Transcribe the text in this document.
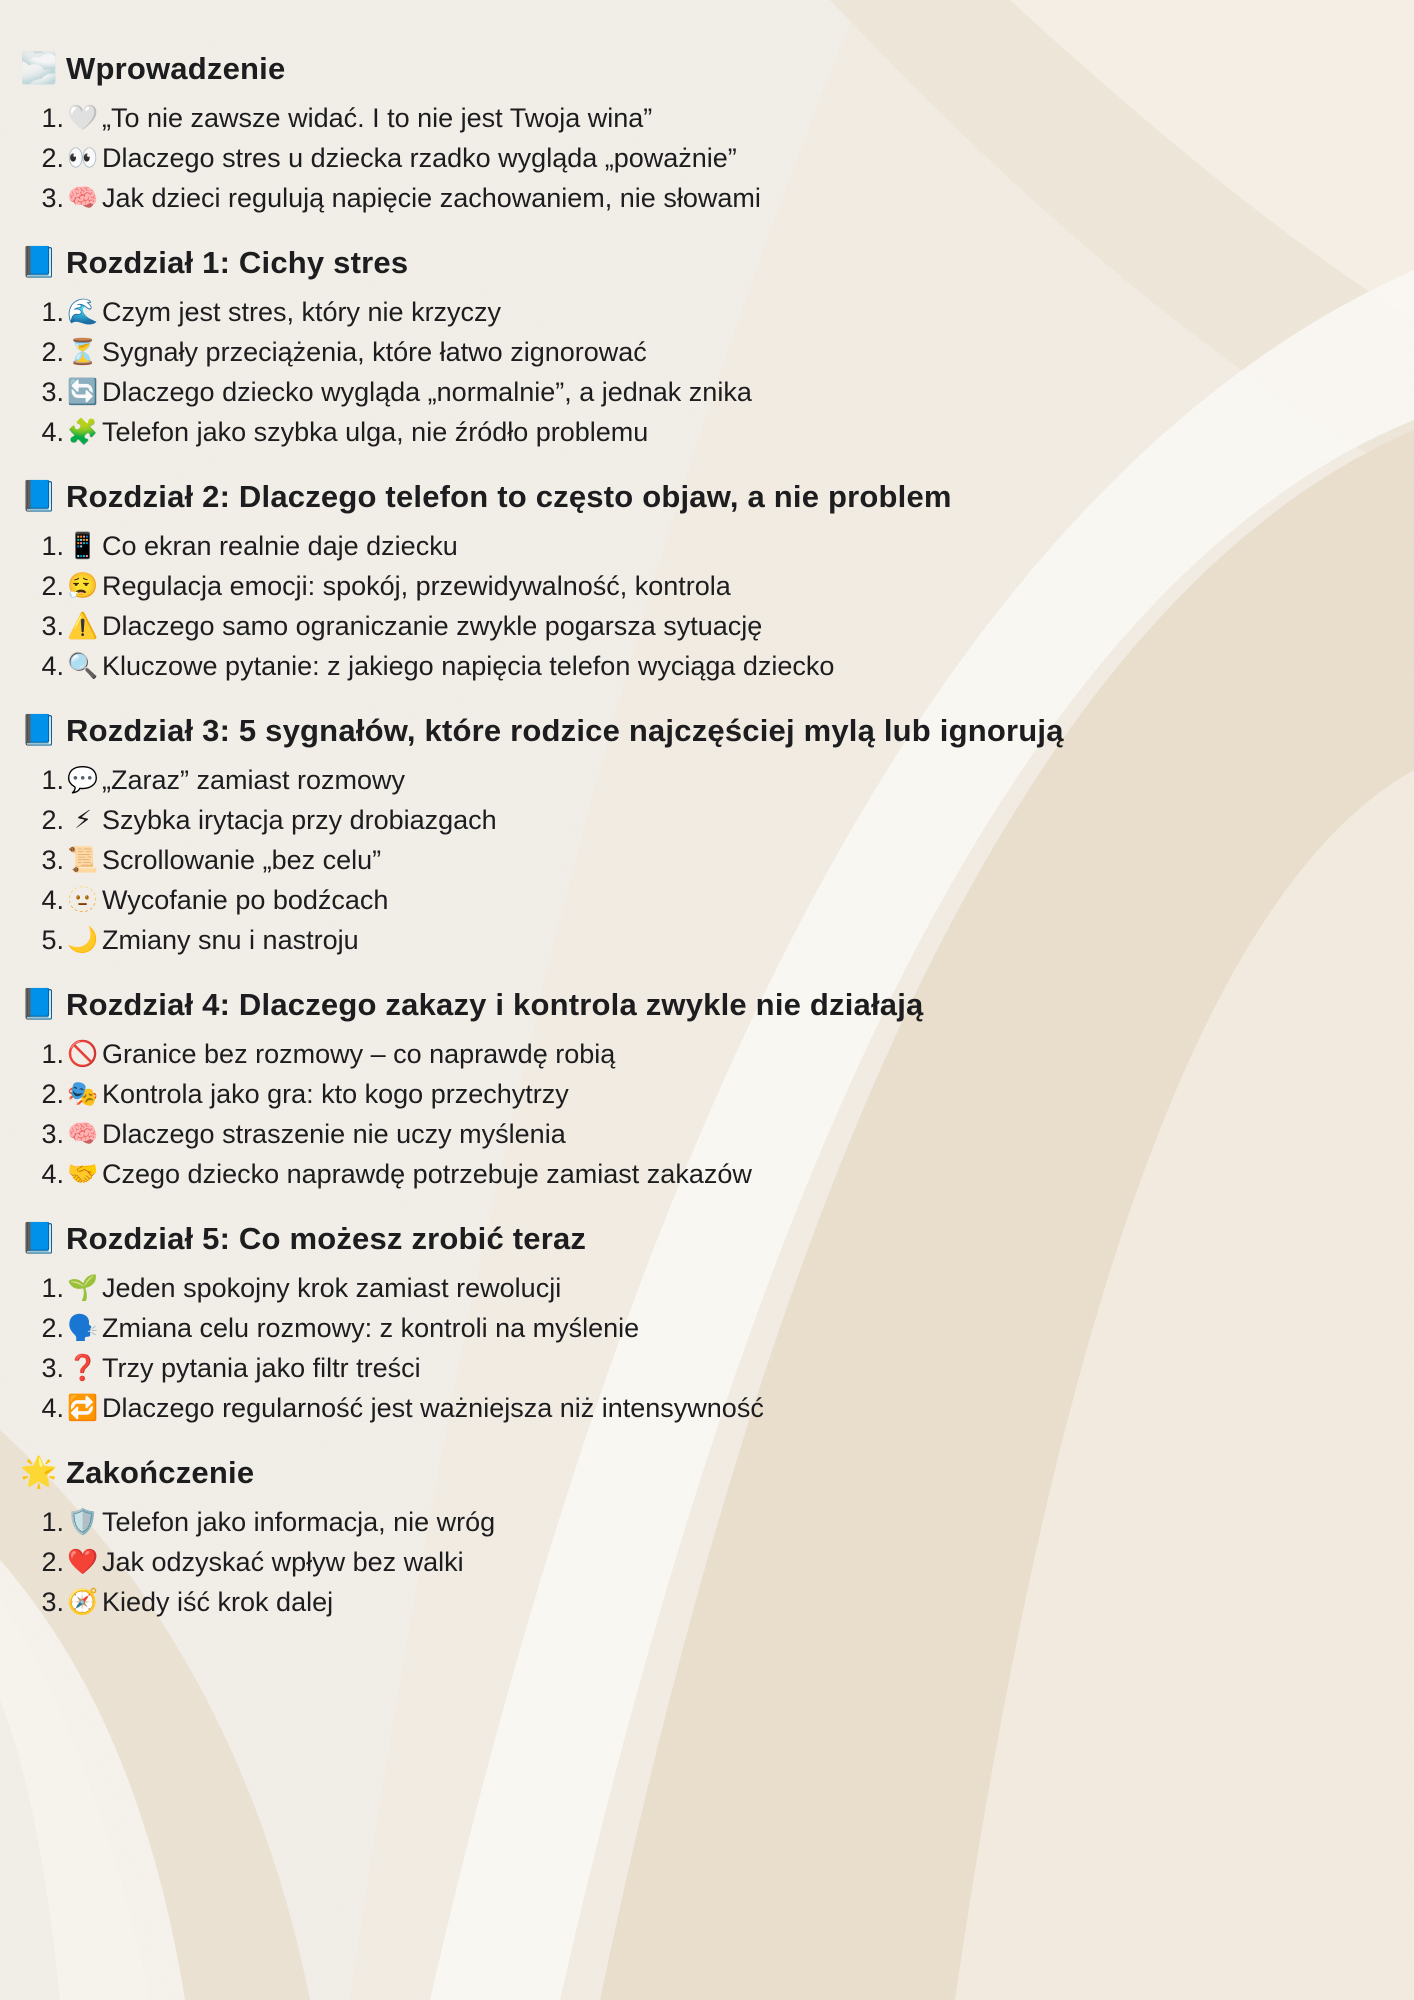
🌫️ Wprowadzenie
1. 🤍 „To nie zawsze widać. I to nie jest Twoja wina”
2. 👀 Dlaczego stres u dziecka rzadko wygląda „poważnie”
3. 🧠 Jak dzieci regulują napięcie zachowaniem, nie słowami
📘 Rozdział 1: Cichy stres
1. 🌊 Czym jest stres, który nie krzyczy
2. ⏳ Sygnały przeciążenia, które łatwo zignorować
3. 🔄 Dlaczego dziecko wygląda „normalnie”, a jednak znika
4. 🧩 Telefon jako szybka ulga, nie źródło problemu
📘 Rozdział 2: Dlaczego telefon to często objaw, a nie problem
1. 📱 Co ekran realnie daje dziecku
2. 😮‍💨 Regulacja emocji: spokój, przewidywalność, kontrola
3. ⚠️ Dlaczego samo ograniczanie zwykle pogarsza sytuację
4. 🔍 Kluczowe pytanie: z jakiego napięcia telefon wyciąga dziecko
📘 Rozdział 3: 5 sygnałów, które rodzice najczęściej mylą lub ignorują
1. 💬 „Zaraz” zamiast rozmowy
2. ⚡ Szybka irytacja przy drobiazgach
3. 📜 Scrollowanie „bez celu”
4. 🫥 Wycofanie po bodźcach
5. 🌙 Zmiany snu i nastroju
📘 Rozdział 4: Dlaczego zakazy i kontrola zwykle nie działają
1. 🚫 Granice bez rozmowy – co naprawdę robią
2. 🎭 Kontrola jako gra: kto kogo przechytrzy
3. 🧠 Dlaczego straszenie nie uczy myślenia
4. 🤝 Czego dziecko naprawdę potrzebuje zamiast zakazów
📘 Rozdział 5: Co możesz zrobić teraz
1. 🌱 Jeden spokojny krok zamiast rewolucji
2. 🗣️ Zmiana celu rozmowy: z kontroli na myślenie
3. ❓ Trzy pytania jako filtr treści
4. 🔁 Dlaczego regularność jest ważniejsza niż intensywność
🌟 Zakończenie
1. 🛡️ Telefon jako informacja, nie wróg
2. ❤️ Jak odzyskać wpływ bez walki
3. 🧭 Kiedy iść krok dalej
